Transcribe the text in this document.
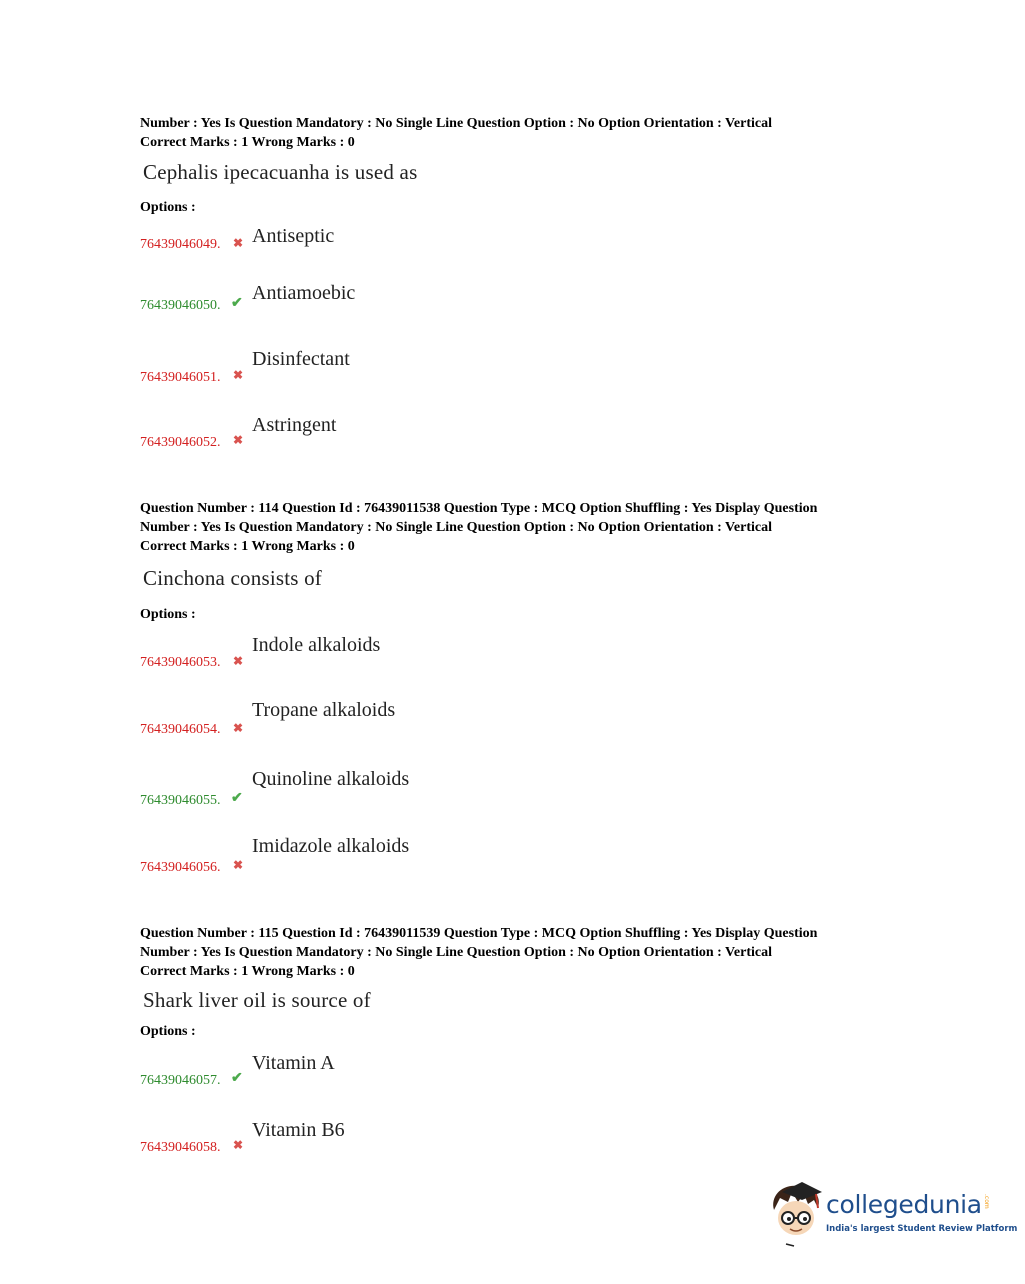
Number : Yes Is Question Mandatory : No Single Line Question Option : No Option Orientation : Vertical
Correct Marks : 1 Wrong Marks : 0
Cephalis ipecacuanha is used as
Options :
Antiseptic
76439046049. ✖
Antiamoebic
76439046050. ✔
Disinfectant
76439046051. ✖
Astringent
76439046052. ✖
Question Number : 114 Question Id : 76439011538 Question Type : MCQ Option Shuffling : Yes Display Question
Number : Yes Is Question Mandatory : No Single Line Question Option : No Option Orientation : Vertical
Correct Marks : 1 Wrong Marks : 0
Cinchona consists of
Options :
Indole alkaloids
76439046053. ✖
Tropane alkaloids
76439046054. ✖
Quinoline alkaloids
76439046055. ✔
Imidazole alkaloids
76439046056. ✖
Question Number : 115 Question Id : 76439011539 Question Type : MCQ Option Shuffling : Yes Display Question
Number : Yes Is Question Mandatory : No Single Line Question Option : No Option Orientation : Vertical
Correct Marks : 1 Wrong Marks : 0
Shark liver oil is source of
Options :
Vitamin A
76439046057. ✔
Vitamin B6
76439046058. ✖
collegedunia .com
India's largest Student Review Platform
